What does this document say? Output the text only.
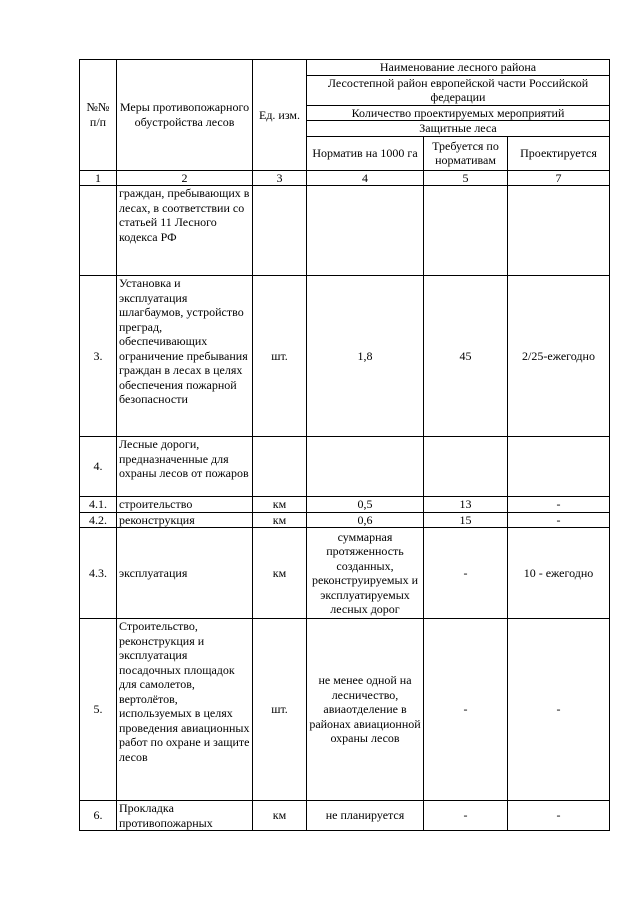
№№ п/п	Меры противопожарного обустройства лесов	Ед. изм.	Наименование лесного района		
			Лесостепной район европейской части Российской федерации		
			Количество проектируемых мероприятий		
			Защитные леса		
			Норматив на 1000 га	Требуется по нормативам	Проектируется
1	2	3	4	5	7
	граждан, пребывающих в лесах, в соответствии со статьей 11 Лесного кодекса РФ				
3.	Установка и эксплуатация шлагбаумов, устройство преград, обеспечивающих ограничение пребывания граждан в лесах в целях обеспечения пожарной безопасности	шт.	1,8	45	2/25-ежегодно
4.	Лесные дороги, предназначенные для охраны лесов от пожаров				
4.1.	строительство	км	0,5	13	-
4.2.	реконструкция	км	0,6	15	-
4.3.	эксплуатация	км	суммарная протяженность созданных, реконструируемых и эксплуатируемых лесных дорог	-	10 - ежегодно
5.	Строительство, реконструкция и эксплуатация посадочных площадок для самолетов, вертолётов, используемых в целях проведения авиационных работ по охране и защите лесов	шт.	не менее одной на лесничество, авиаотделение в районах авиационной охраны лесов	-	-
6.	Прокладка противопожарных	км	не планируется	-	-
